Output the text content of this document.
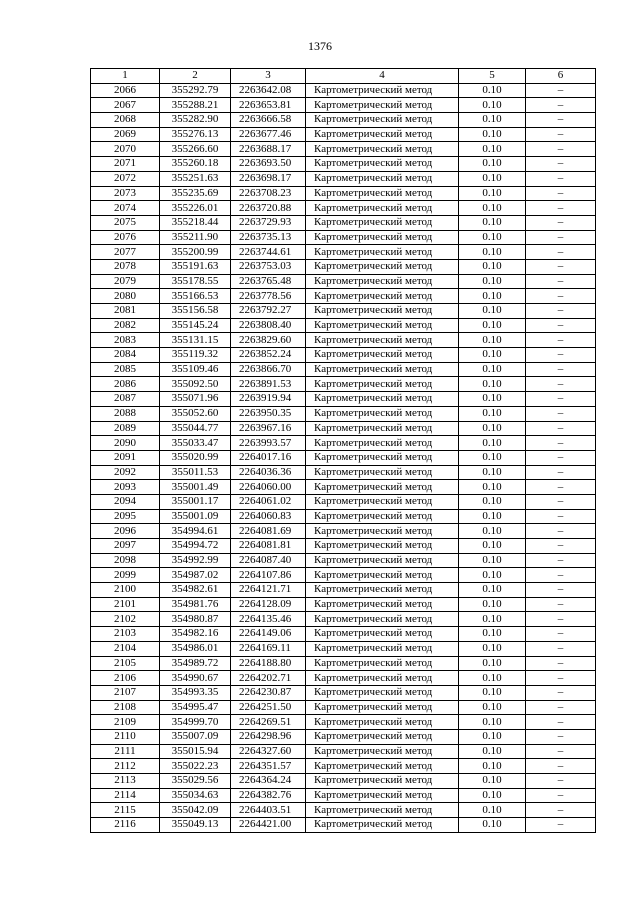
1376
1	2	3	4	5	6
2066	355292.79	2263642.08	Картометрический метод	0.10	–
2067	355288.21	2263653.81	Картометрический метод	0.10	–
2068	355282.90	2263666.58	Картометрический метод	0.10	–
2069	355276.13	2263677.46	Картометрический метод	0.10	–
2070	355266.60	2263688.17	Картометрический метод	0.10	–
2071	355260.18	2263693.50	Картометрический метод	0.10	–
2072	355251.63	2263698.17	Картометрический метод	0.10	–
2073	355235.69	2263708.23	Картометрический метод	0.10	–
2074	355226.01	2263720.88	Картометрический метод	0.10	–
2075	355218.44	2263729.93	Картометрический метод	0.10	–
2076	355211.90	2263735.13	Картометрический метод	0.10	–
2077	355200.99	2263744.61	Картометрический метод	0.10	–
2078	355191.63	2263753.03	Картометрический метод	0.10	–
2079	355178.55	2263765.48	Картометрический метод	0.10	–
2080	355166.53	2263778.56	Картометрический метод	0.10	–
2081	355156.58	2263792.27	Картометрический метод	0.10	–
2082	355145.24	2263808.40	Картометрический метод	0.10	–
2083	355131.15	2263829.60	Картометрический метод	0.10	–
2084	355119.32	2263852.24	Картометрический метод	0.10	–
2085	355109.46	2263866.70	Картометрический метод	0.10	–
2086	355092.50	2263891.53	Картометрический метод	0.10	–
2087	355071.96	2263919.94	Картометрический метод	0.10	–
2088	355052.60	2263950.35	Картометрический метод	0.10	–
2089	355044.77	2263967.16	Картометрический метод	0.10	–
2090	355033.47	2263993.57	Картометрический метод	0.10	–
2091	355020.99	2264017.16	Картометрический метод	0.10	–
2092	355011.53	2264036.36	Картометрический метод	0.10	–
2093	355001.49	2264060.00	Картометрический метод	0.10	–
2094	355001.17	2264061.02	Картометрический метод	0.10	–
2095	355001.09	2264060.83	Картометрический метод	0.10	–
2096	354994.61	2264081.69	Картометрический метод	0.10	–
2097	354994.72	2264081.81	Картометрический метод	0.10	–
2098	354992.99	2264087.40	Картометрический метод	0.10	–
2099	354987.02	2264107.86	Картометрический метод	0.10	–
2100	354982.61	2264121.71	Картометрический метод	0.10	–
2101	354981.76	2264128.09	Картометрический метод	0.10	–
2102	354980.87	2264135.46	Картометрический метод	0.10	–
2103	354982.16	2264149.06	Картометрический метод	0.10	–
2104	354986.01	2264169.11	Картометрический метод	0.10	–
2105	354989.72	2264188.80	Картометрический метод	0.10	–
2106	354990.67	2264202.71	Картометрический метод	0.10	–
2107	354993.35	2264230.87	Картометрический метод	0.10	–
2108	354995.47	2264251.50	Картометрический метод	0.10	–
2109	354999.70	2264269.51	Картометрический метод	0.10	–
2110	355007.09	2264298.96	Картометрический метод	0.10	–
2111	355015.94	2264327.60	Картометрический метод	0.10	–
2112	355022.23	2264351.57	Картометрический метод	0.10	–
2113	355029.56	2264364.24	Картометрический метод	0.10	–
2114	355034.63	2264382.76	Картометрический метод	0.10	–
2115	355042.09	2264403.51	Картометрический метод	0.10	–
2116	355049.13	2264421.00	Картометрический метод	0.10	–
